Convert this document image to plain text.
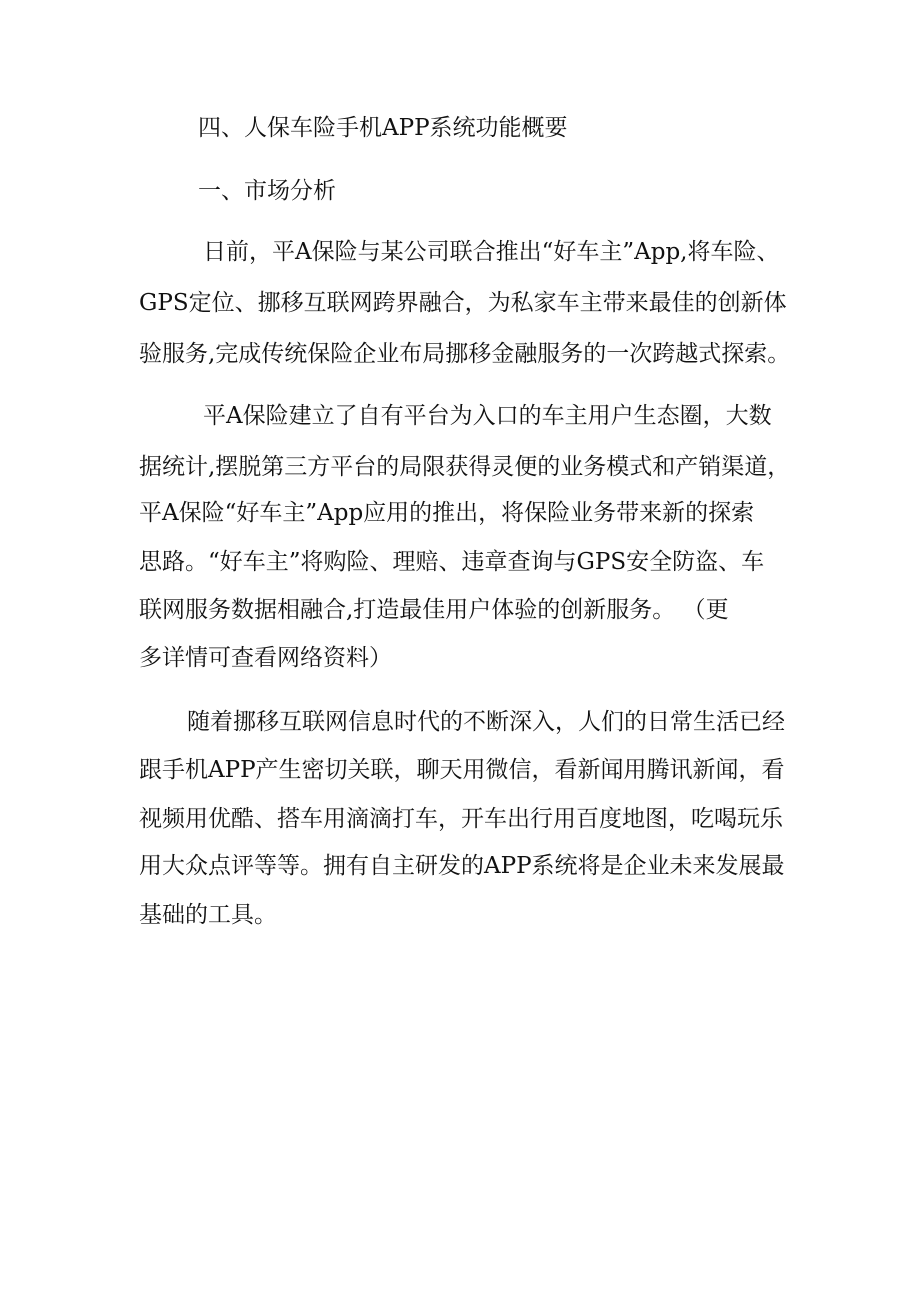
四、人保车险手机APP系统功能概要
一、市场分析
日前，平A保险与某公司联合推出“好车主”App,将车险、
GPS定位、挪移互联网跨界融合，为私家车主带来最佳的创新体
验服务,完成传统保险企业布局挪移金融服务的一次跨越式探索。
平A保险建立了自有平台为入口的车主用户生态圈，大数
据统计,摆脱第三方平台的局限获得灵便的业务模式和产销渠道，
平A保险“好车主”App应用的推出，将保险业务带来新的探索
思路。“好车主”将购险、理赔、违章查询与GPS安全防盗、车
联网服务数据相融合,打造最佳用户体验的创新服务。 （更
多详情可查看网络资料）
随着挪移互联网信息时代的不断深入，人们的日常生活已经
跟手机APP产生密切关联，聊天用微信，看新闻用腾讯新闻，看
视频用优酷、搭车用滴滴打车，开车出行用百度地图，吃喝玩乐
用大众点评等等。拥有自主研发的APP系统将是企业未来发展最
基础的工具。
